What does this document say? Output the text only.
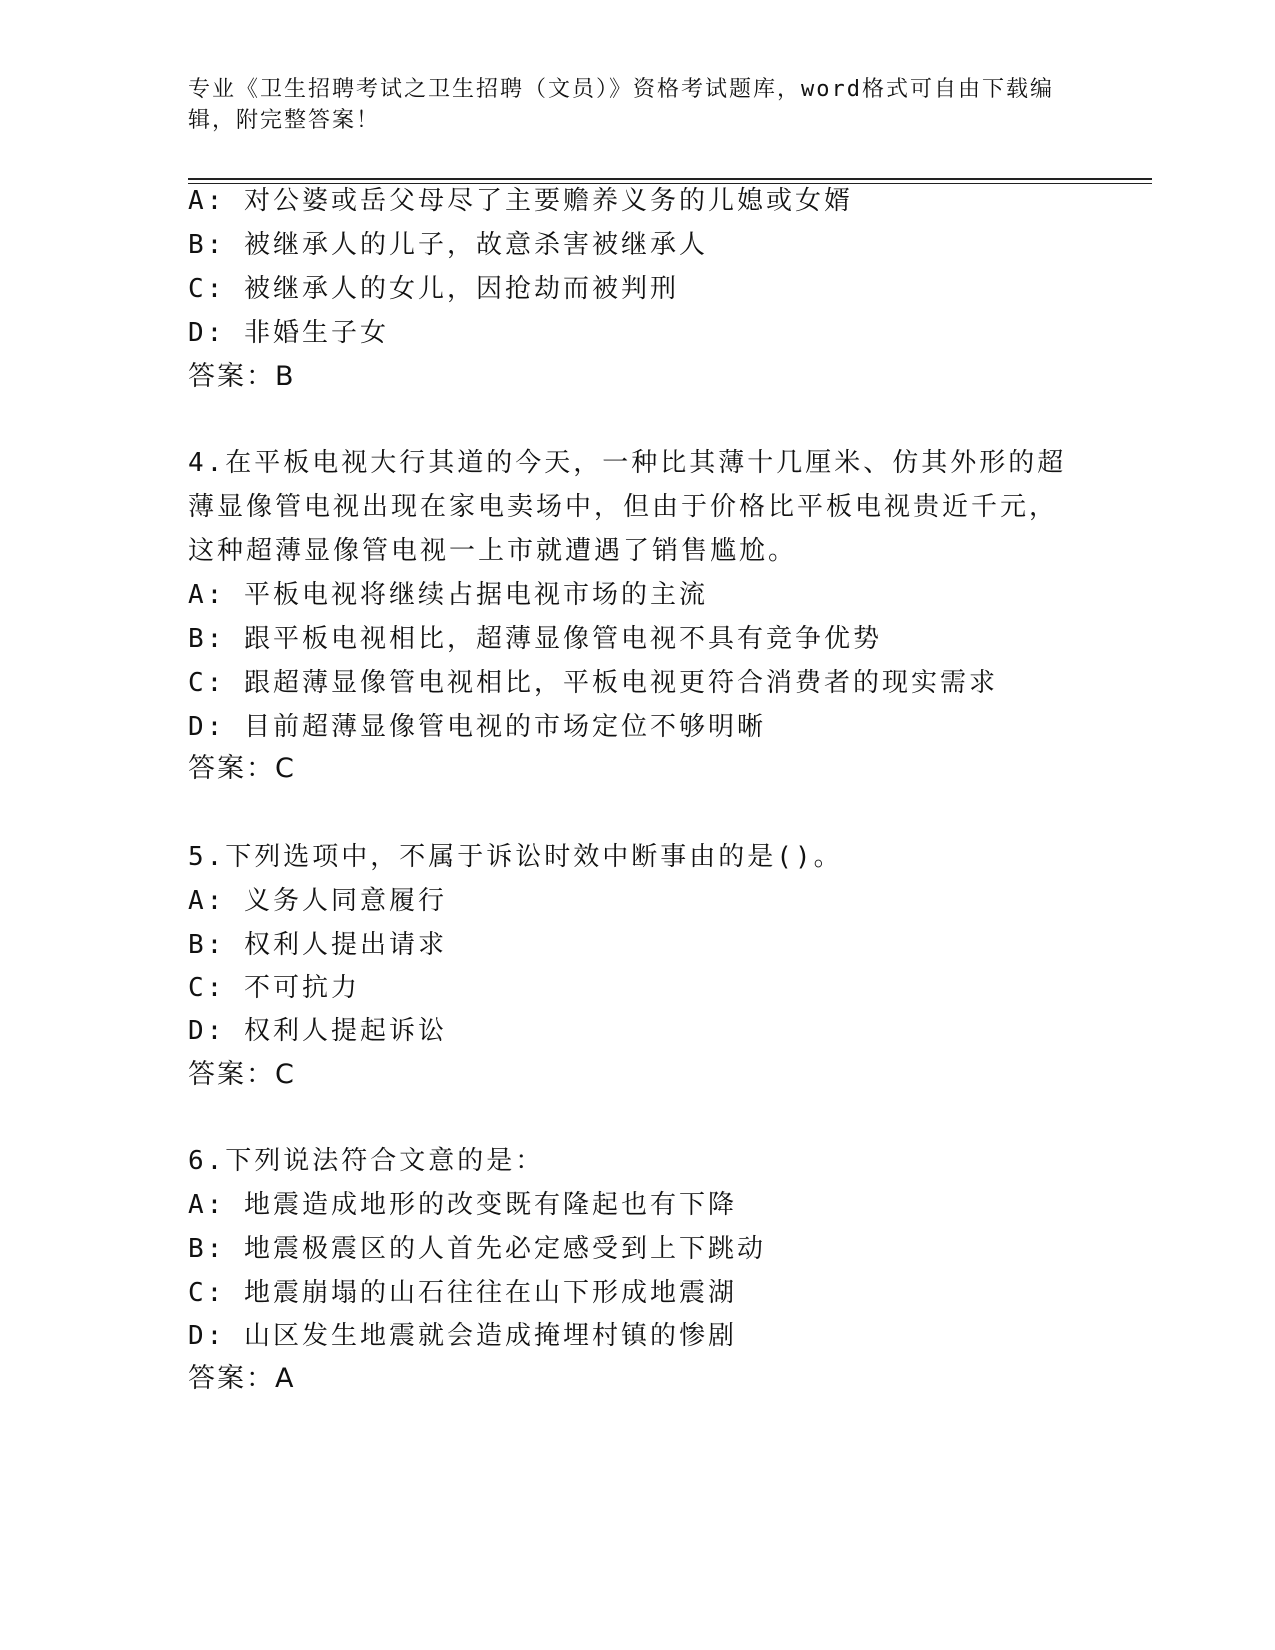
专业《卫生招聘考试之卫生招聘（文员）》资格考试题库，word格式可自由下载编辑，附完整答案！
A: 对公婆或岳父母尽了主要赡养义务的儿媳或女婿
B: 被继承人的儿子，故意杀害被继承人
C: 被继承人的女儿，因抢劫而被判刑
D: 非婚生子女
答案：B
4.在平板电视大行其道的今天，一种比其薄十几厘米、仿其外形的超
薄显像管电视出现在家电卖场中，但由于价格比平板电视贵近千元，
这种超薄显像管电视一上市就遭遇了销售尴尬。
A: 平板电视将继续占据电视市场的主流
B: 跟平板电视相比，超薄显像管电视不具有竞争优势
C: 跟超薄显像管电视相比，平板电视更符合消费者的现实需求
D: 目前超薄显像管电视的市场定位不够明晰
答案：C
5.下列选项中，不属于诉讼时效中断事由的是()。
A: 义务人同意履行
B: 权利人提出请求
C: 不可抗力
D: 权利人提起诉讼
答案：C
6.下列说法符合文意的是：
A: 地震造成地形的改变既有隆起也有下降
B: 地震极震区的人首先必定感受到上下跳动
C: 地震崩塌的山石往往在山下形成地震湖
D: 山区发生地震就会造成掩埋村镇的惨剧
答案：A
